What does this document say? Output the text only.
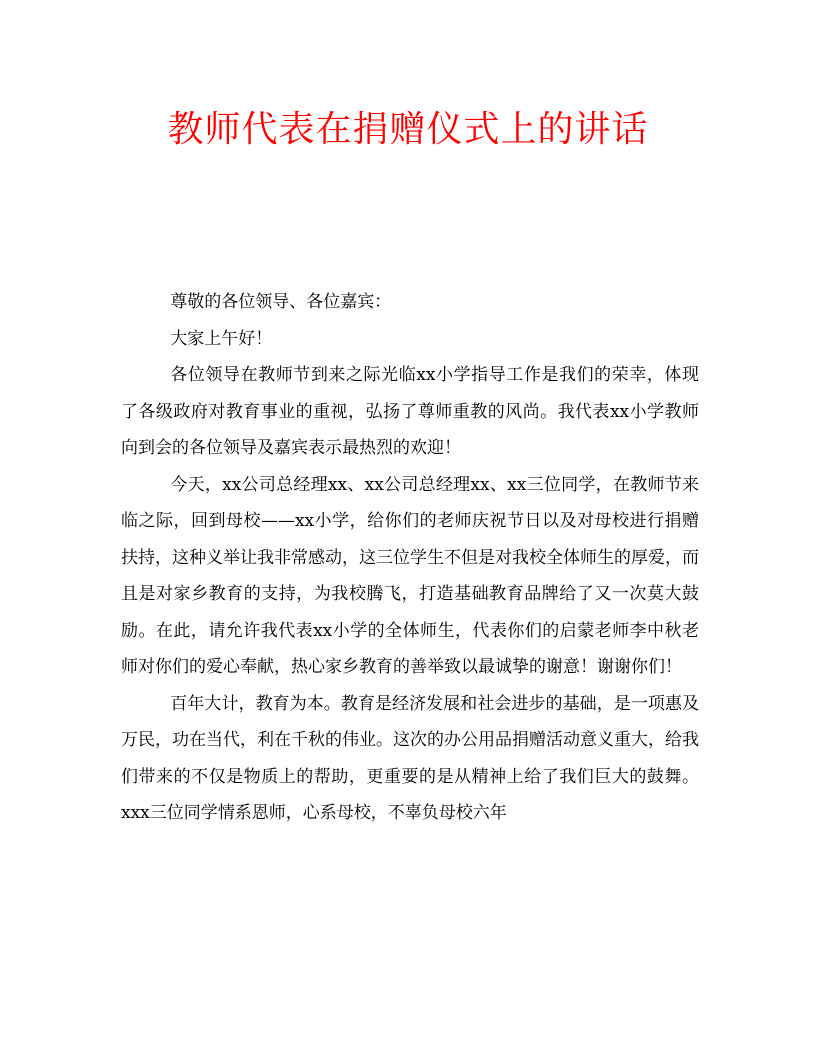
教师代表在捐赠仪式上的讲话

尊敬的各位领导、各位嘉宾：

大家上午好！

各位领导在教师节到来之际光临xx小学指导工作是我们的荣幸，体现了各级政府对教育事业的重视，弘扬了尊师重教的风尚。我代表xx小学教师向到会的各位领导及嘉宾表示最热烈的欢迎！

今天，xx公司总经理xx、xx公司总经理xx、xx三位同学，在教师节来临之际，回到母校——xx小学，给你们的老师庆祝节日以及对母校进行捐赠扶持，这种义举让我非常感动，这三位学生不但是对我校全体师生的厚爱，而且是对家乡教育的支持，为我校腾飞，打造基础教育品牌给了又一次莫大鼓励。在此，请允许我代表xx小学的全体师生，代表你们的启蒙老师李中秋老师对你们的爱心奉献，热心家乡教育的善举致以最诚挚的谢意！谢谢你们！

百年大计，教育为本。教育是经济发展和社会进步的基础，是一项惠及万民，功在当代，利在千秋的伟业。这次的办公用品捐赠活动意义重大，给我们带来的不仅是物质上的帮助，更重要的是从精神上给了我们巨大的鼓舞。xxx三位同学情系恩师，心系母校，不辜负母校六年
